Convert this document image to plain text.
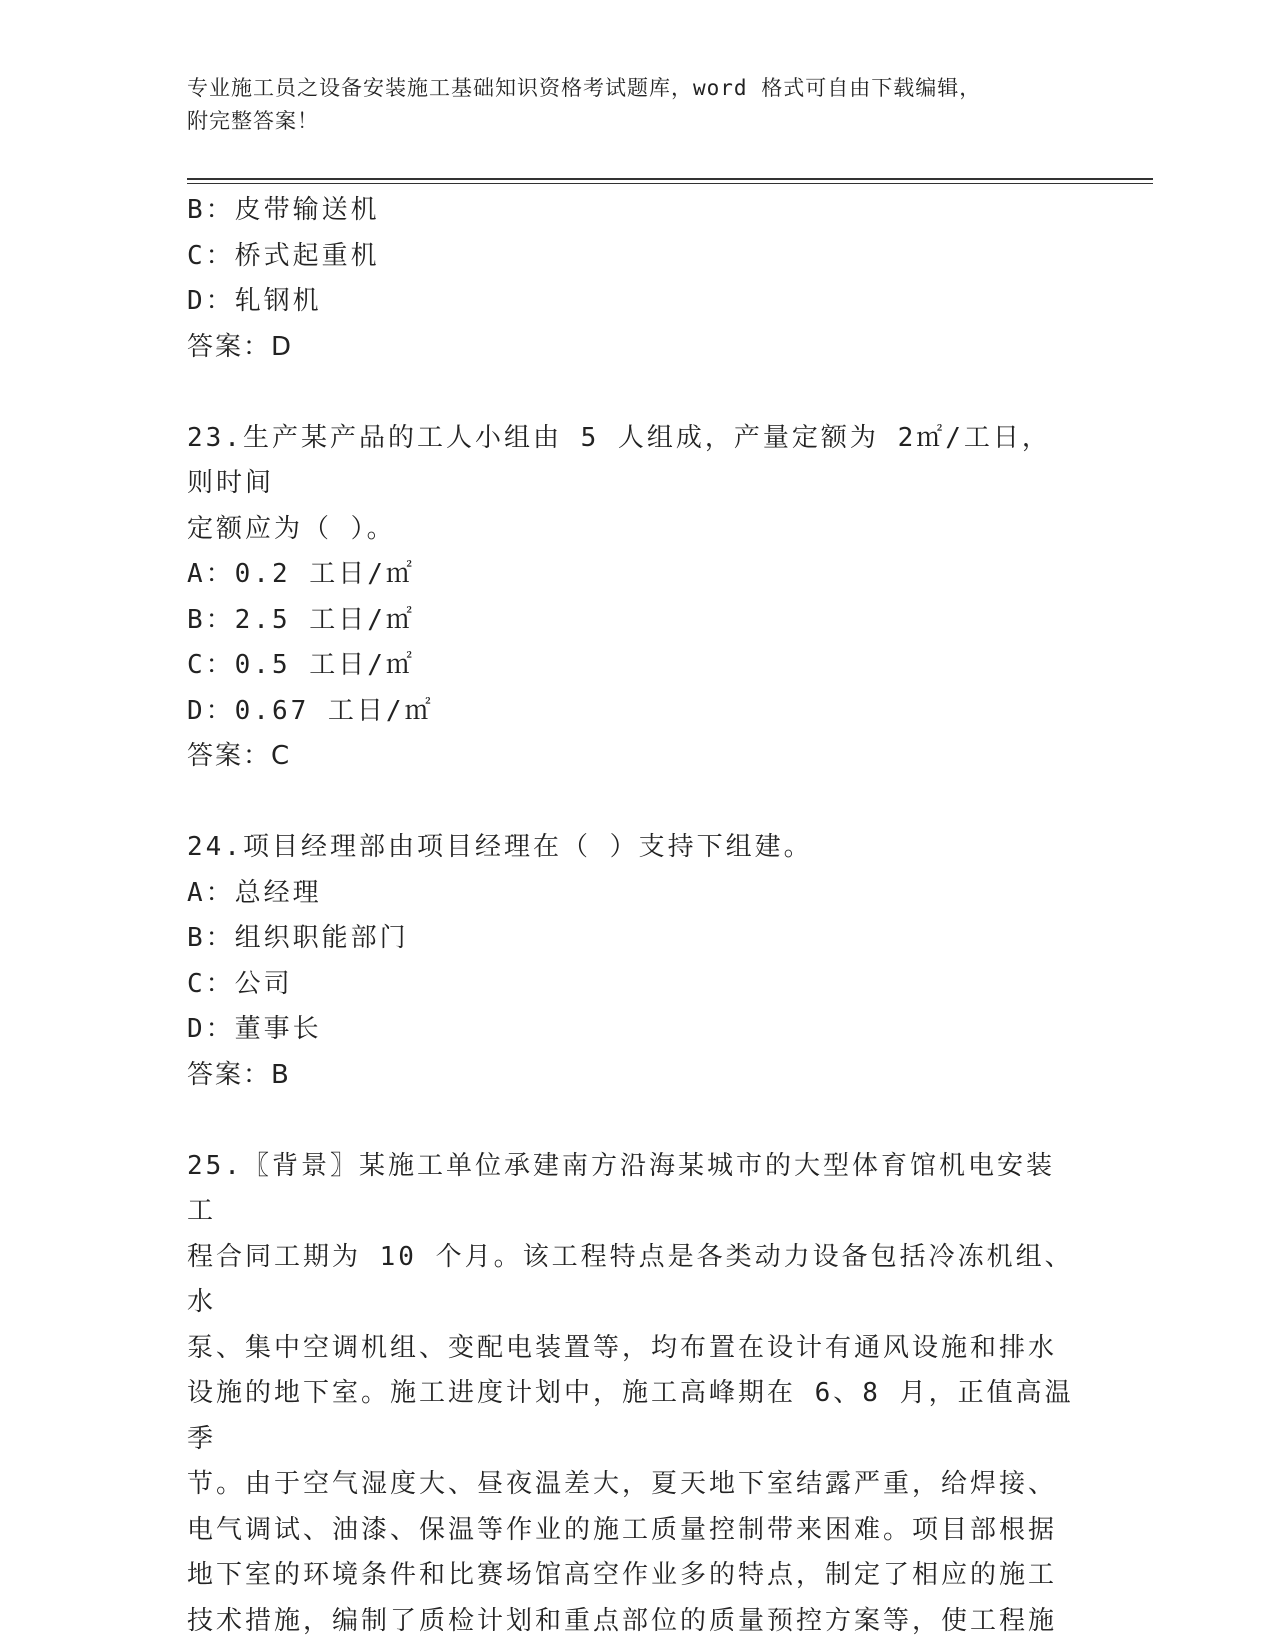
专业施工员之设备安装施工基础知识资格考试题库，word 格式可自由下载编辑，
附完整答案！
B：皮带输送机
C：桥式起重机
D：轧钢机
答案：D
23.生产某产品的工人小组由 5 人组成，产量定额为 2㎡/工日，则时间
定额应为（ ）。
A：0.2 工日/㎡
B：2.5 工日/㎡
C：0.5 工日/㎡
D：0.67 工日/㎡
答案：C
24.项目经理部由项目经理在（ ）支持下组建。
A：总经理
B：组织职能部门
C：公司
D：董事长
答案：B
25.〖背景〗某施工单位承建南方沿海某城市的大型体育馆机电安装工
程合同工期为 10 个月。该工程特点是各类动力设备包括冷冻机组、水
泵、集中空调机组、变配电装置等，均布置在设计有通风设施和排水
设施的地下室。施工进度计划中，施工高峰期在 6、8 月，正值高温季
节。由于空气湿度大、昼夜温差大，夏天地下室结露严重，给焊接、
电气调试、油漆、保温等作业的施工质量控制带来困难。项目部根据
地下室的环境条件和比赛场馆高空作业多的特点，制定了相应的施工
技术措施，编制了质检计划和重点部位的质量预控方案等，使工程施
